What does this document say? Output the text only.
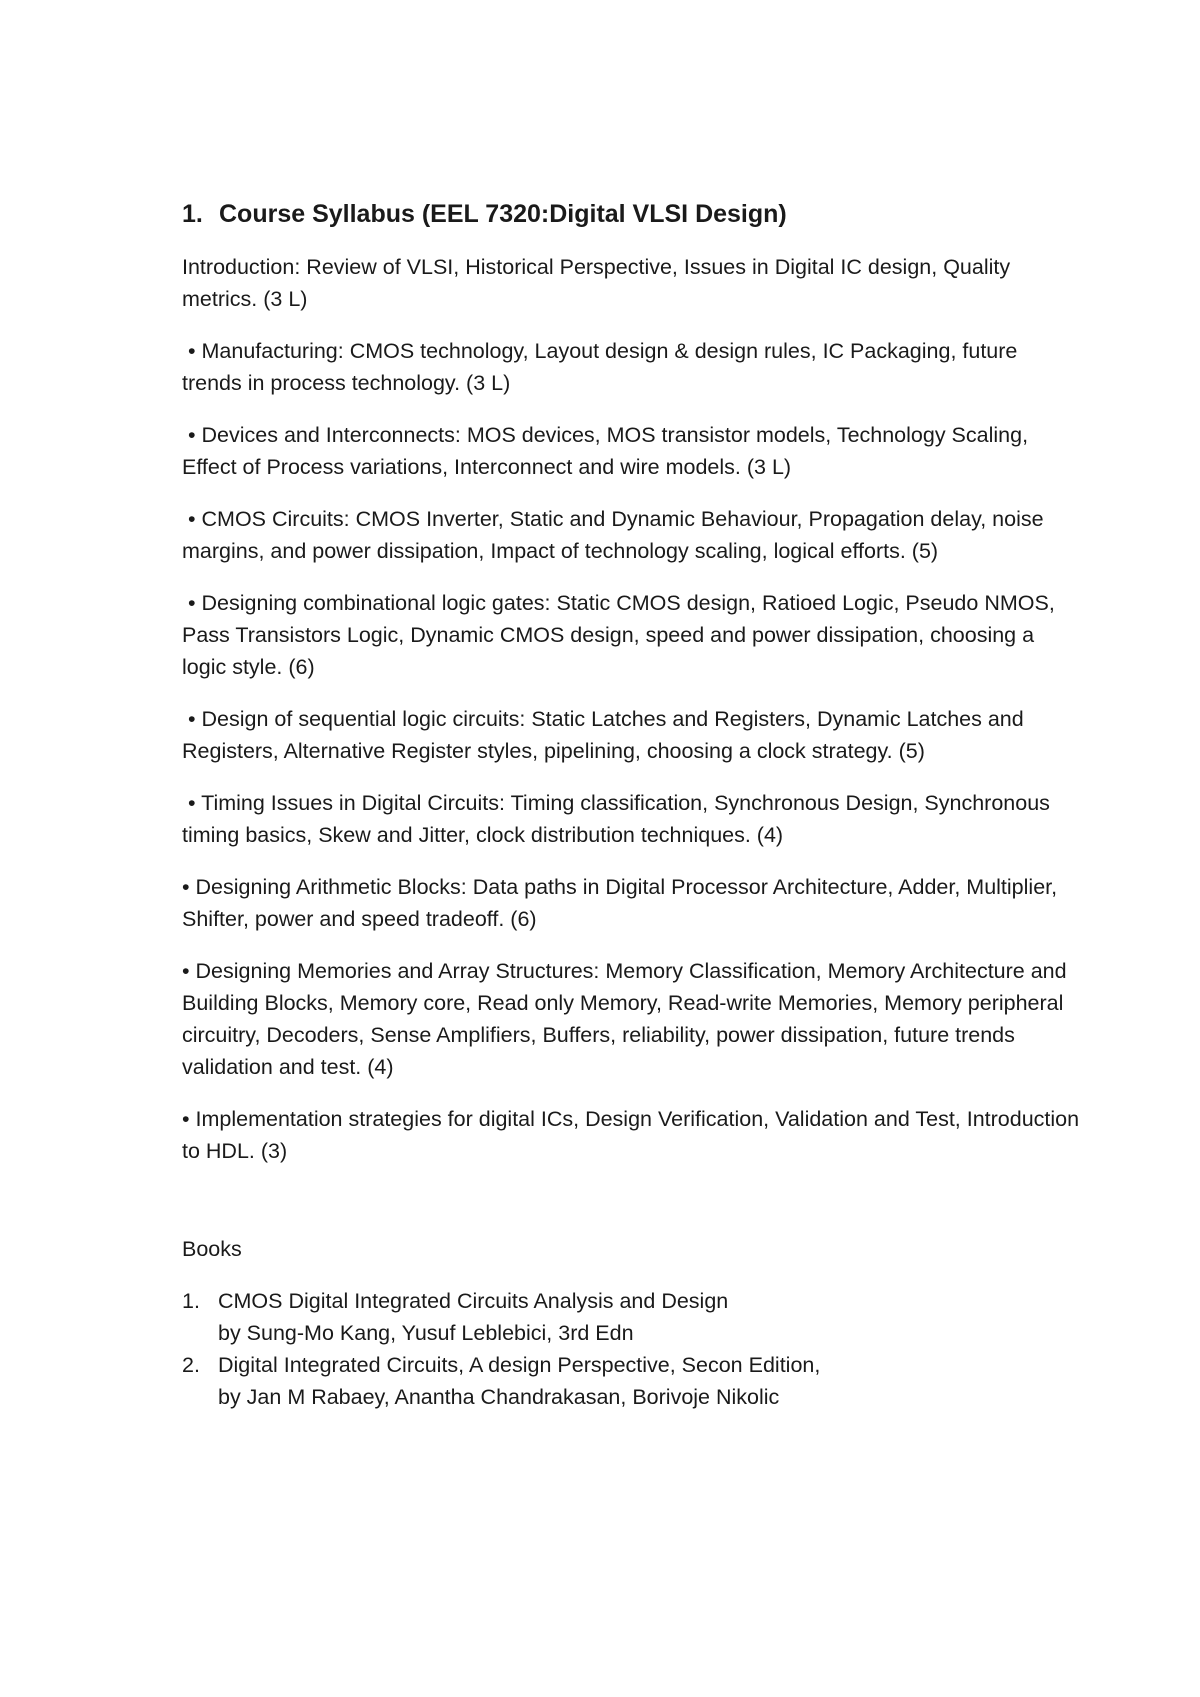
1. Course Syllabus (EEL 7320:Digital VLSI Design)

Introduction: Review of VLSI, Historical Perspective, Issues in Digital IC design, Quality metrics. (3 L)

• Manufacturing: CMOS technology, Layout design & design rules, IC Packaging, future trends in process technology. (3 L)

• Devices and Interconnects: MOS devices, MOS transistor models, Technology Scaling, Effect of Process variations, Interconnect and wire models. (3 L)

• CMOS Circuits: CMOS Inverter, Static and Dynamic Behaviour, Propagation delay, noise margins, and power dissipation, Impact of technology scaling, logical efforts. (5)

• Designing combinational logic gates: Static CMOS design, Ratioed Logic, Pseudo NMOS, Pass Transistors Logic, Dynamic CMOS design, speed and power dissipation, choosing a logic style. (6)

• Design of sequential logic circuits: Static Latches and Registers, Dynamic Latches and Registers, Alternative Register styles, pipelining, choosing a clock strategy. (5)

• Timing Issues in Digital Circuits: Timing classification, Synchronous Design, Synchronous timing basics, Skew and Jitter, clock distribution techniques. (4)

• Designing Arithmetic Blocks: Data paths in Digital Processor Architecture, Adder, Multiplier, Shifter, power and speed tradeoff. (6)

• Designing Memories and Array Structures: Memory Classification, Memory Architecture and Building Blocks, Memory core, Read only Memory, Read-write Memories, Memory peripheral circuitry, Decoders, Sense Amplifiers, Buffers, reliability, power dissipation, future trends validation and test. (4)

• Implementation strategies for digital ICs, Design Verification, Validation and Test, Introduction to HDL. (3)

Books

1. CMOS Digital Integrated Circuits Analysis and Design
by Sung-Mo Kang, Yusuf Leblebici, 3rd Edn
2. Digital Integrated Circuits, A design Perspective, Secon Edition,
by Jan M Rabaey, Anantha Chandrakasan, Borivoje Nikolic
